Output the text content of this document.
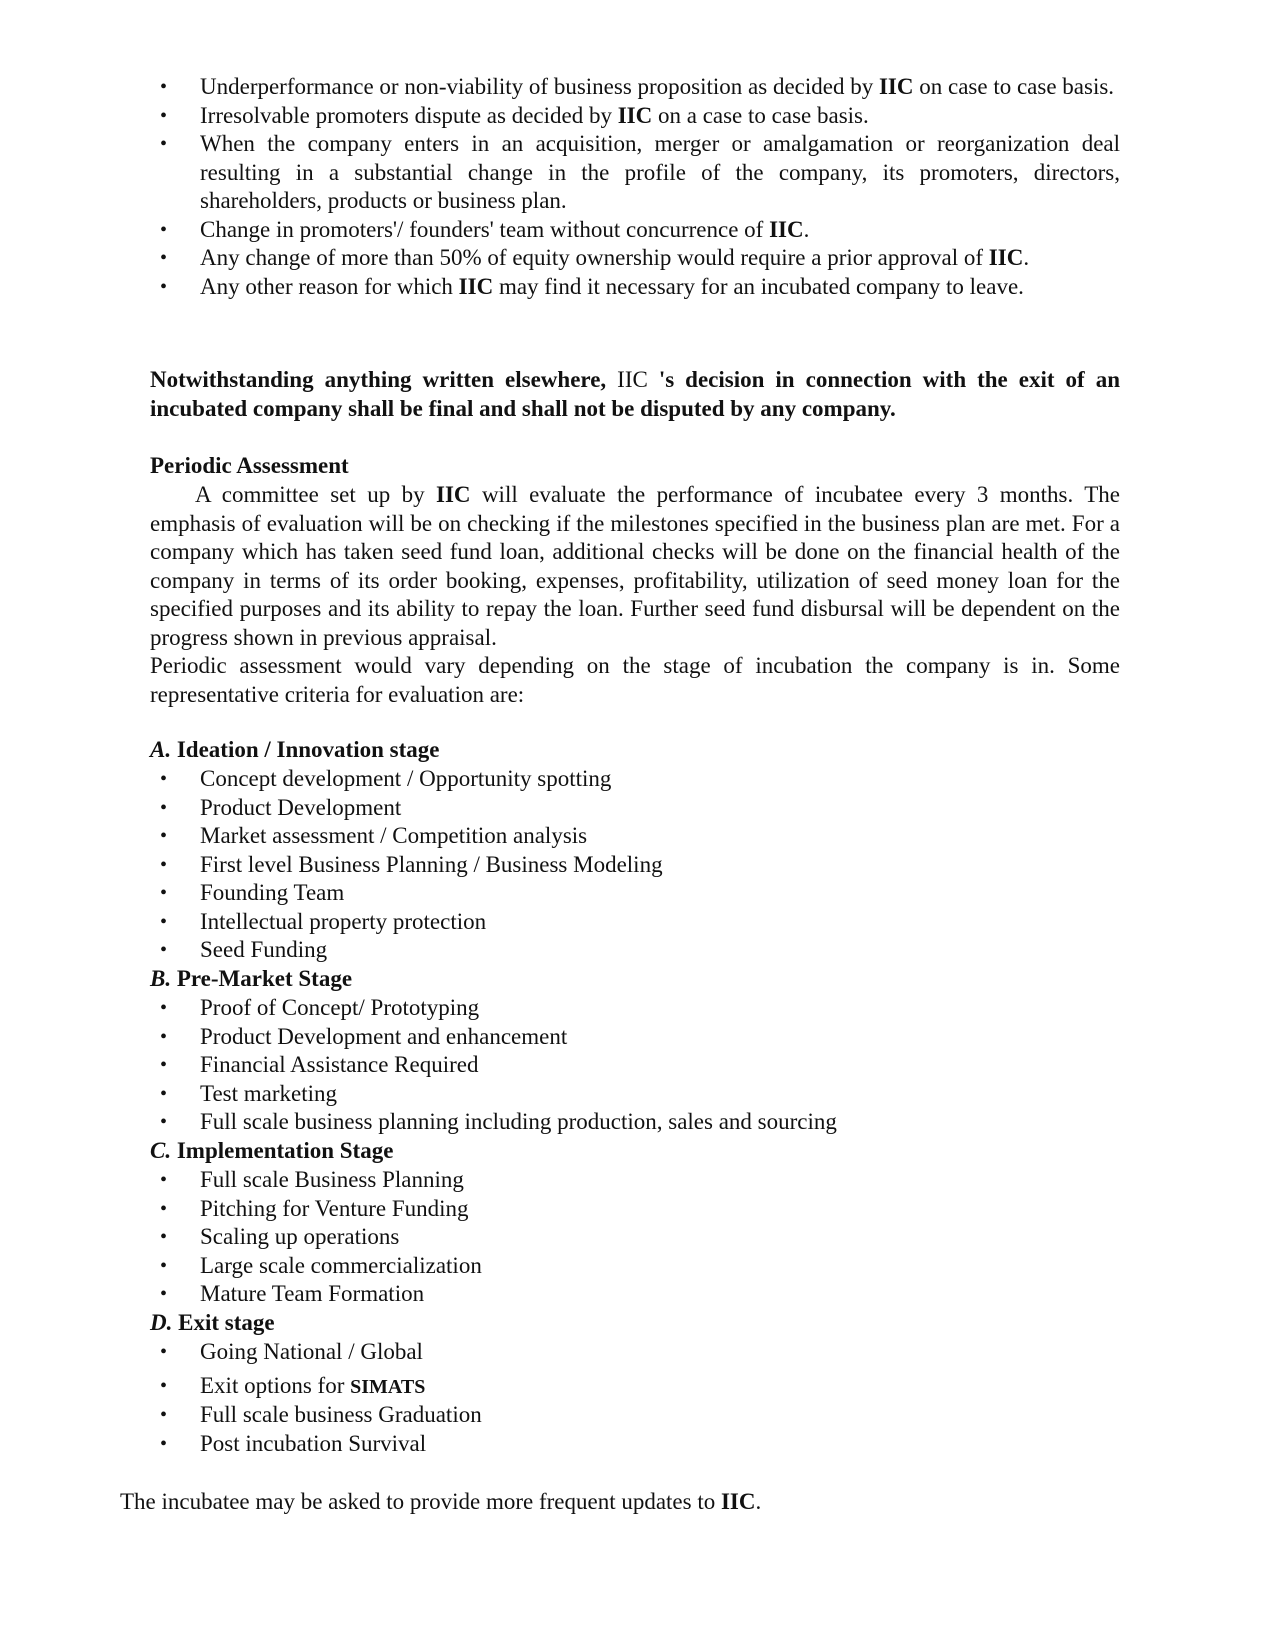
• Underperformance or non-viability of business proposition as decided by IIC on case to case basis.
• Irresolvable promoters dispute as decided by IIC on a case to case basis.
• When the company enters in an acquisition, merger or amalgamation or reorganization deal resulting in a substantial change in the profile of the company, its promoters, directors, shareholders, products or business plan.
• Change in promoters'/ founders' team without concurrence of IIC.
• Any change of more than 50% of equity ownership would require a prior approval of IIC.
• Any other reason for which IIC may find it necessary for an incubated company to leave.

Notwithstanding anything written elsewhere, IIC 's decision in connection with the exit of an incubated company shall be final and shall not be disputed by any company.

Periodic Assessment

A committee set up by IIC will evaluate the performance of incubatee every 3 months. The emphasis of evaluation will be on checking if the milestones specified in the business plan are met. For a company which has taken seed fund loan, additional checks will be done on the financial health of the company in terms of its order booking, expenses, profitability, utilization of seed money loan for the specified purposes and its ability to repay the loan. Further seed fund disbursal will be dependent on the progress shown in previous appraisal.

Periodic assessment would vary depending on the stage of incubation the company is in. Some representative criteria for evaluation are:

A. Ideation / Innovation stage
• Concept development / Opportunity spotting
• Product Development
• Market assessment / Competition analysis
• First level Business Planning / Business Modeling
• Founding Team
• Intellectual property protection
• Seed Funding
B. Pre-Market Stage
• Proof of Concept/ Prototyping
• Product Development and enhancement
• Financial Assistance Required
• Test marketing
• Full scale business planning including production, sales and sourcing
C. Implementation Stage
• Full scale Business Planning
• Pitching for Venture Funding
• Scaling up operations
• Large scale commercialization
• Mature Team Formation
D. Exit stage
• Going National / Global
• Exit options for SIMATS
• Full scale business Graduation
• Post incubation Survival

The incubatee may be asked to provide more frequent updates to IIC.
